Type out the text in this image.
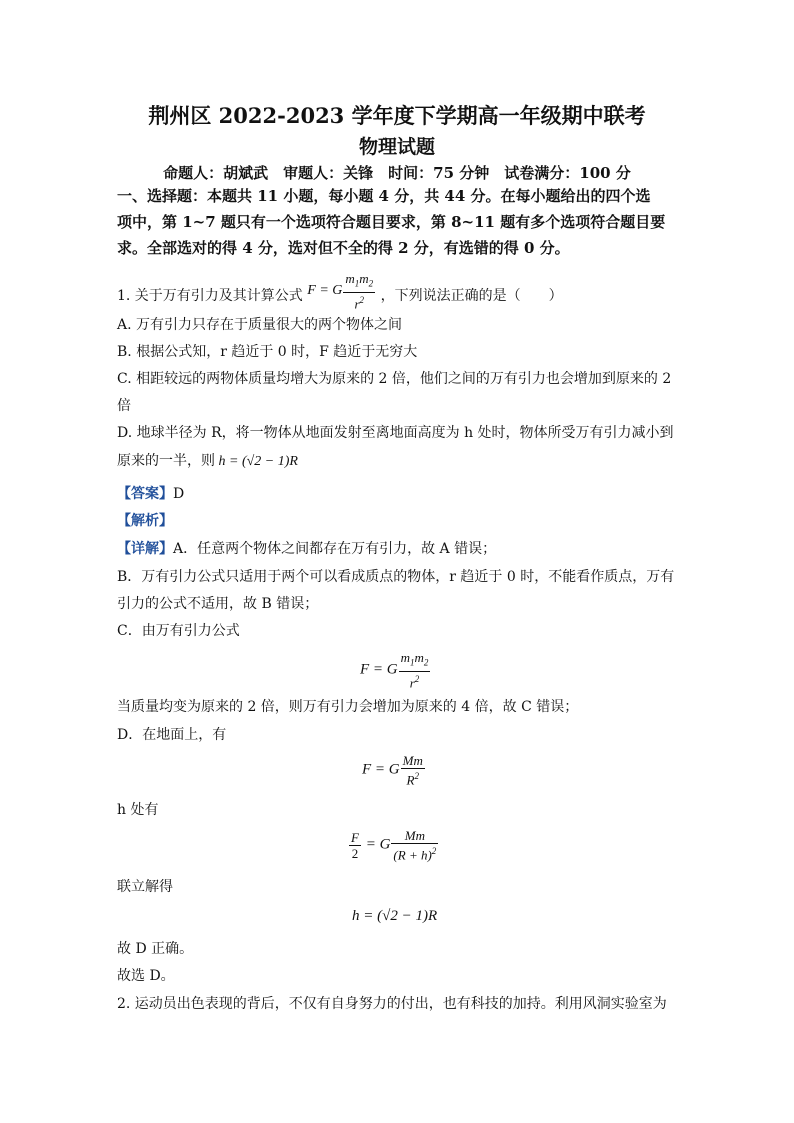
荆州区 2022-2023 学年度下学期高一年级期中联考
物理试题
命题人：胡斌武　审题人：关锋　时间：75 分钟　试卷满分：100 分
一、选择题：本题共 11 小题，每小题 4 分，共 44 分。在每小题给出的四个选
项中，第 1~7 题只有一个选项符合题目要求，第 8~11 题有多个选项符合题目要
求。全部选对的得 4 分，选对但不全的得 2 分，有选错的得 0 分。
1. 关于万有引力及其计算公式 F = G $\frac{m_1m_2}{r^2}$ ，下列说法正确的是（　　）
A. 万有引力只存在于质量很大的两个物体之间
B. 根据公式知，r 趋近于 0 时，F 趋近于无穷大
C. 相距较远的两物体质量均增大为原来的 2 倍，他们之间的万有引力也会增加到原来的 2
倍
D. 地球半径为 R，将一物体从地面发射至离地面高度为 h 处时，物体所受万有引力减小到
原来的一半，则 h = (√2 − 1)R
【答案】D
【解析】
【详解】A．任意两个物体之间都存在万有引力，故 A 错误；
B．万有引力公式只适用于两个可以看成质点的物体，r 趋近于 0 时，不能看作质点，万有
引力的公式不适用，故 B 错误；
C．由万有引力公式
F = G $\frac{m_1m_2}{r^2}$
当质量均变为原来的 2 倍，则万有引力会增加为原来的 4 倍，故 C 错误；
D．在地面上，有
F = G $\frac{Mm}{R^2}$
h 处有
$\frac{F}{2} = G \frac{Mm}{(R + h)^2}$
联立解得
h = (√2 − 1)R
故 D 正确。
故选 D。
2. 运动员出色表现的背后，不仅有自身努力的付出，也有科技的加持。利用风洞实验室为
